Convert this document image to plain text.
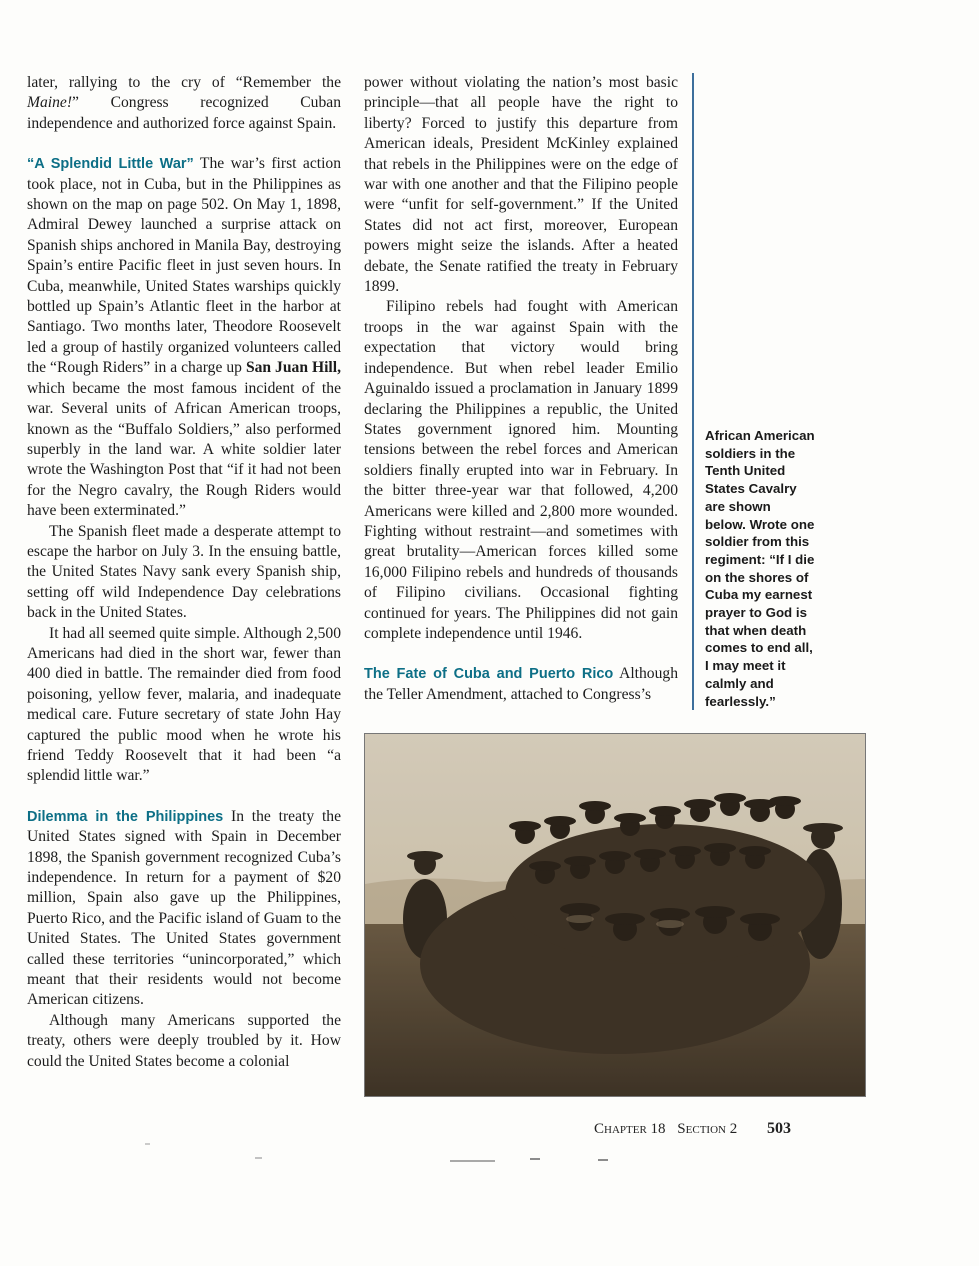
later, rallying to the cry of “Remember the Maine!” Congress recognized Cuban independence and authorized force against Spain.

“A Splendid Little War” The war’s first action took place, not in Cuba, but in the Philippines as shown on the map on page 502. On May 1, 1898, Admiral Dewey launched a surprise attack on Spanish ships anchored in Manila Bay, destroying Spain’s entire Pacific fleet in just seven hours. In Cuba, meanwhile, United States warships quickly bottled up Spain’s Atlantic fleet in the harbor at Santiago. Two months later, Theodore Roosevelt led a group of hastily organized volunteers called the “Rough Riders” in a charge up San Juan Hill, which became the most famous incident of the war. Several units of African American troops, known as the “Buffalo Soldiers,” also performed superbly in the land war. A white soldier later wrote the Washington Post that “if it had not been for the Negro cavalry, the Rough Riders would have been exterminated.”

The Spanish fleet made a desperate attempt to escape the harbor on July 3. In the ensuing battle, the United States Navy sank every Spanish ship, setting off wild Independence Day celebrations back in the United States.

It had all seemed quite simple. Although 2,500 Americans had died in the short war, fewer than 400 died in battle. The remainder died from food poisoning, yellow fever, malaria, and inadequate medical care. Future secretary of state John Hay captured the public mood when he wrote his friend Teddy Roosevelt that it had been “a splendid little war.”

Dilemma in the Philippines In the treaty the United States signed with Spain in December 1898, the Spanish government recognized Cuba’s independence. In return for a payment of $20 million, Spain also gave up the Philippines, Puerto Rico, and the Pacific island of Guam to the United States. The United States government called these territories “unincorporated,” which meant that their residents would not become American citizens.

Although many Americans supported the treaty, others were deeply troubled by it. How could the United States become a colonial

power without violating the nation’s most basic principle—that all people have the right to liberty? Forced to justify this departure from American ideals, President McKinley explained that rebels in the Philippines were on the edge of war with one another and that the Filipino people were “unfit for self-government.” If the United States did not act first, moreover, European powers might seize the islands. After a heated debate, the Senate ratified the treaty in February 1899.

Filipino rebels had fought with American troops in the war against Spain with the expectation that victory would bring independence. But when rebel leader Emilio Aguinaldo issued a proclamation in January 1899 declaring the Philippines a republic, the United States government ignored him. Mounting tensions between the rebel forces and American soldiers finally erupted into war in February. In the bitter three-year war that followed, 4,200 Americans were killed and 2,800 more wounded. Fighting without restraint—and sometimes with great brutality—American forces killed some 16,000 Filipino rebels and hundreds of thousands of Filipino civilians. Occasional fighting continued for years. The Philippines did not gain complete independence until 1946.

The Fate of Cuba and Puerto Rico Although the Teller Amendment, attached to Congress’s

African American soldiers in the Tenth United States Cavalry are shown below. Wrote one soldier from this regiment: “If I die on the shores of Cuba my earnest prayer to God is that when death comes to end all, I may meet it calmly and fearlessly.”

Chapter 18 Section 2 503
